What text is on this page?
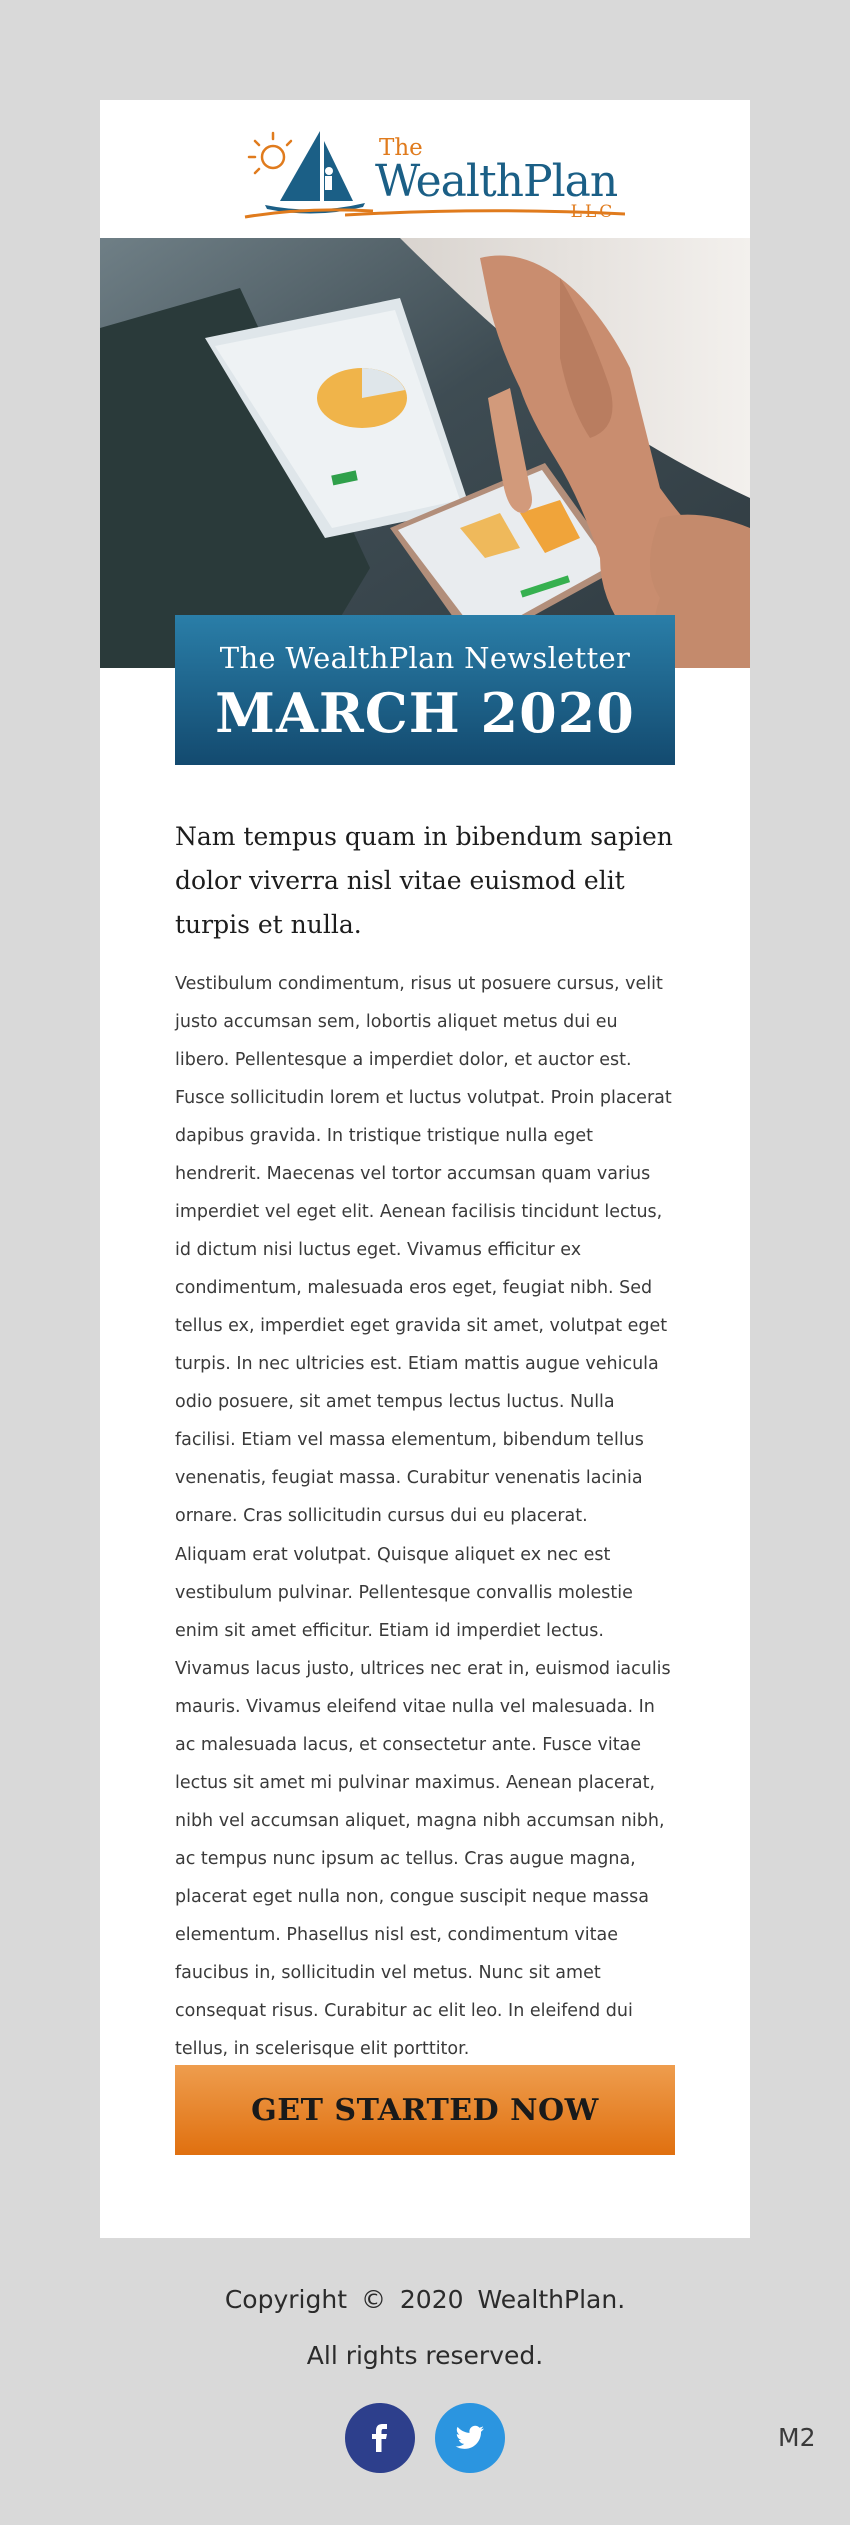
The
WealthPlan
LLC
The WealthPlan Newsletter
MARCH 2020
Nam tempus quam in bibendum sapien dolor viverra nisl vitae euismod elit turpis et nulla.
Vestibulum condimentum, risus ut posuere cursus, velit justo accumsan sem, lobortis aliquet metus dui eu libero. Pellentesque a imperdiet dolor, et auctor est. Fusce sollicitudin lorem et luctus volutpat. Proin placerat dapibus gravida. In tristique tristique nulla eget hendrerit. Maecenas vel tortor accumsan quam varius imperdiet vel eget elit. Aenean facilisis tincidunt lectus, id dictum nisi luctus eget. Vivamus efficitur ex condimentum, malesuada eros eget, feugiat nibh. Sed tellus ex, imperdiet eget gravida sit amet, volutpat eget turpis. In nec ultricies est. Etiam mattis augue vehicula odio posuere, sit amet tempus lectus luctus. Nulla facilisi. Etiam vel massa elementum, bibendum tellus venenatis, feugiat massa. Curabitur venenatis lacinia ornare. Cras sollicitudin cursus dui eu placerat.
Aliquam erat volutpat. Quisque aliquet ex nec est vestibulum pulvinar. Pellentesque convallis molestie enim sit amet efficitur. Etiam id imperdiet lectus. Vivamus lacus justo, ultrices nec erat in, euismod iaculis mauris. Vivamus eleifend vitae nulla vel malesuada. In ac malesuada lacus, et consectetur ante. Fusce vitae lectus sit amet mi pulvinar maximus. Aenean placerat, nibh vel accumsan aliquet, magna nibh accumsan nibh, ac tempus nunc ipsum ac tellus. Cras augue magna, placerat eget nulla non, congue suscipit neque massa elementum. Phasellus nisl est, condimentum vitae faucibus in, sollicitudin vel metus. Nunc sit amet consequat risus. Curabitur ac elit leo. In eleifend dui tellus, in scelerisque elit porttitor.
GET STARTED NOW
Copyright © 2020 WealthPlan.
All rights reserved.
M2
